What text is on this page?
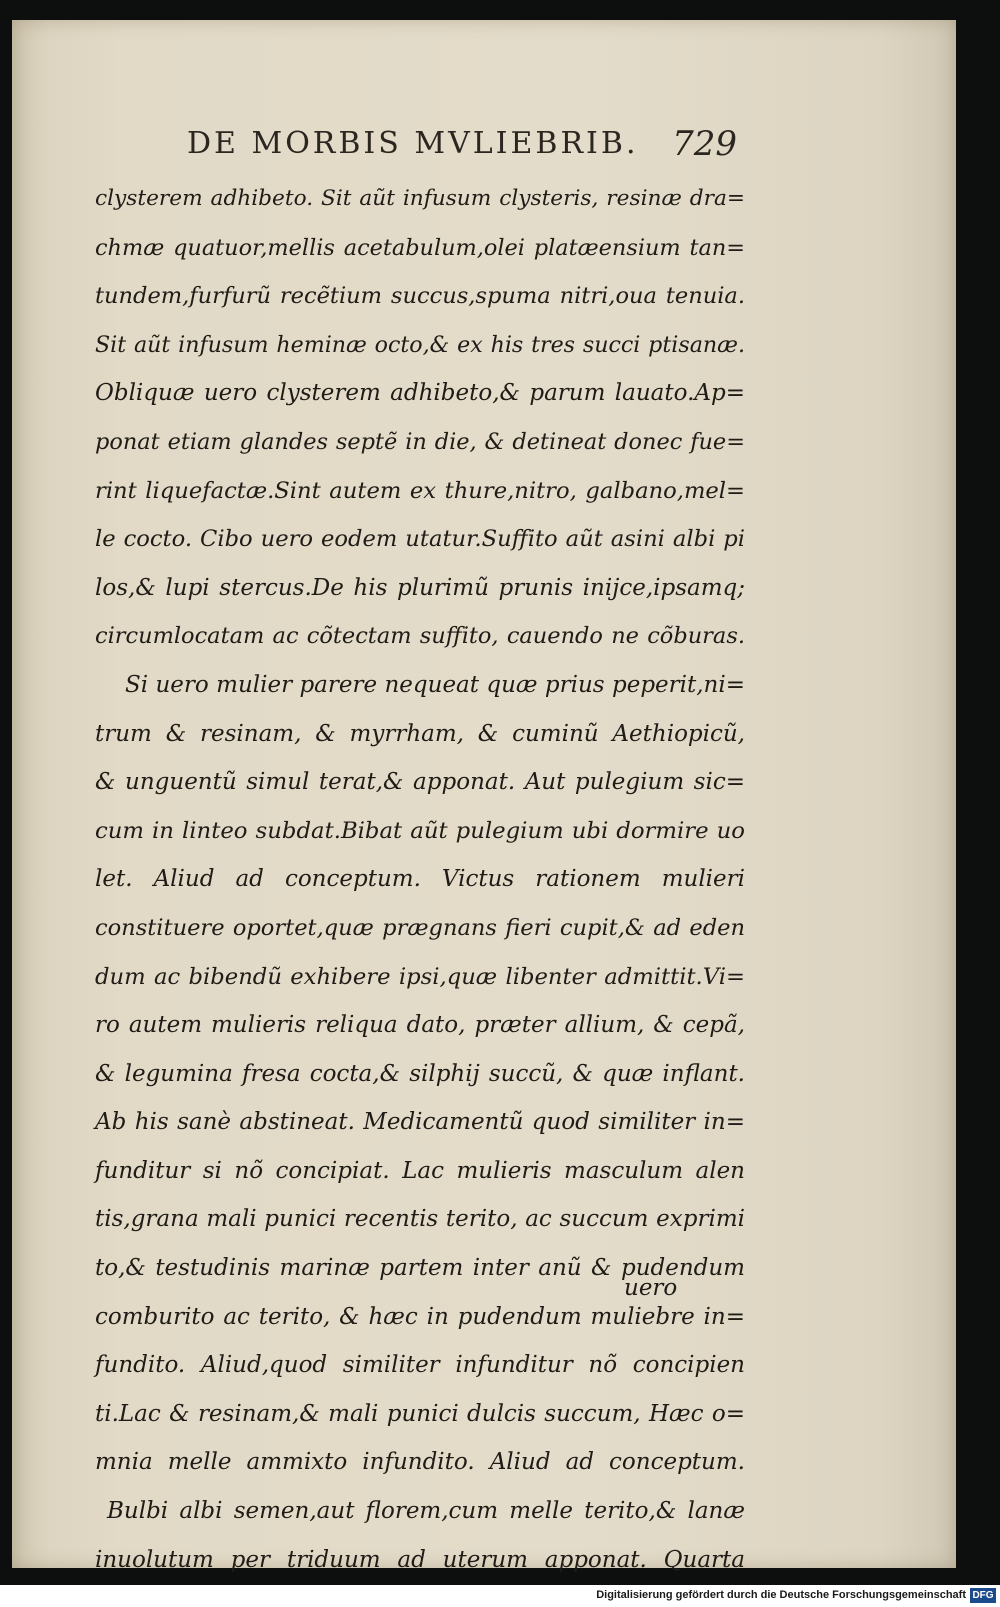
DE MORBIS MVLIEBRIB. 729
clysterem adhibeto. Sit aũt infusum clysteris, resinæ dra=
chmæ quatuor,mellis acetabulum,olei platæensium tan=
tundem,furfurũ recẽtium succus,spuma nitri,oua tenuia.
Sit aũt infusum heminæ octo,& ex his tres succi ptisanæ.
Obliquæ uero clysterem adhibeto,& parum lauato.Ap=
ponat etiam glandes septẽ in die, & detineat donec fue=
rint liquefactæ.Sint autem ex thure,nitro, galbano,mel=
le cocto. Cibo uero eodem utatur.Suffito aũt asini albi pi
los,& lupi stercus.De his plurimũ prunis inijce,ipsamq;
circumlocatam ac cõtectam suffito, cauendo ne cõburas.
Si uero mulier parere nequeat quæ prius peperit,ni=
trum & resinam, & myrrham, & cuminũ Aethiopicũ,
& unguentũ simul terat,& apponat. Aut pulegium sic=
cum in linteo subdat.Bibat aũt pulegium ubi dormire uo
let. Aliud ad conceptum. Victus rationem mulieri
constituere oportet,quæ prægnans fieri cupit,& ad eden
dum ac bibendũ exhibere ipsi,quæ libenter admittit.Vi=
ro autem mulieris reliqua dato, præter allium, & cepã,
& legumina fresa cocta,& silphij succũ, & quæ inflant.
Ab his sanè abstineat. Medicamentũ quod similiter in=
funditur si nõ concipiat. Lac mulieris masculum alen
tis,grana mali punici recentis terito, ac succum exprimi
to,& testudinis marinæ partem inter anũ & pudendum
comburito ac terito, & hæc in pudendum muliebre in=
fundito. Aliud,quod similiter infunditur nõ concipien
ti.Lac & resinam,& mali punici dulcis succum, Hæc o=
mnia melle ammixto infundito. Aliud ad conceptum.
Bulbi albi semen,aut florem,cum melle terito,& lanæ
inuolutum per triduum ad uterum apponat. Quarta
uero
Digitalisierung gefördert durch die Deutsche Forschungsgemeinschaft DFG
